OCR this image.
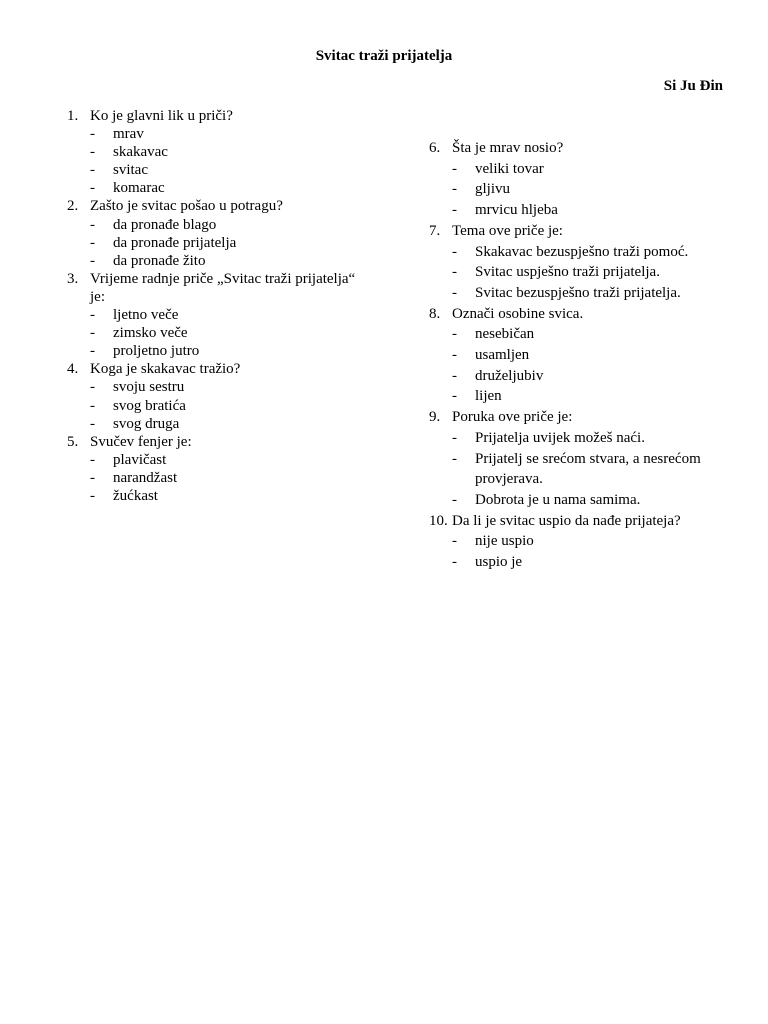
Svitac traži prijatelja
Si Ju Đin
1. Ko je glavni lik u priči?
-	mrav
-	skakavac
-	svitac
-	komarac
2. Zašto je svitac pošao u potragu?
-	da pronađe blago
-	da pronađe prijatelja
-	da pronađe žito
3. Vrijeme radnje priče „Svitac traži prijatelja“ je:
-	ljetno veče
-	zimsko veče
-	proljetno jutro
4. Koga je skakavac tražio?
-	svoju sestru
-	svog bratića
-	svog druga
5. Svučev fenjer je:
-	plavičast
-	narandžast
-	žućkast
6. Šta je mrav nosio?
-	veliki tovar
-	gljivu
-	mrvicu hljeba
7. Tema ove priče je:
-	Skakavac bezuspješno traži pomoć.
-	Svitac uspješno traži prijatelja.
-	Svitac bezuspješno traži prijatelja.
8. Označi osobine svica.
-	nesebičan
-	usamljen
-	druželjubiv
-	lijen
9. Poruka ove priče je:
-	Prijatelja uvijek možeš naći.
-	Prijatelj se srećom stvara, a nesrećom provjerava.
-	Dobrota je u nama samima.
10. Da li je svitac uspio da nađe prijateja?
-	nije uspio
-	uspio je
